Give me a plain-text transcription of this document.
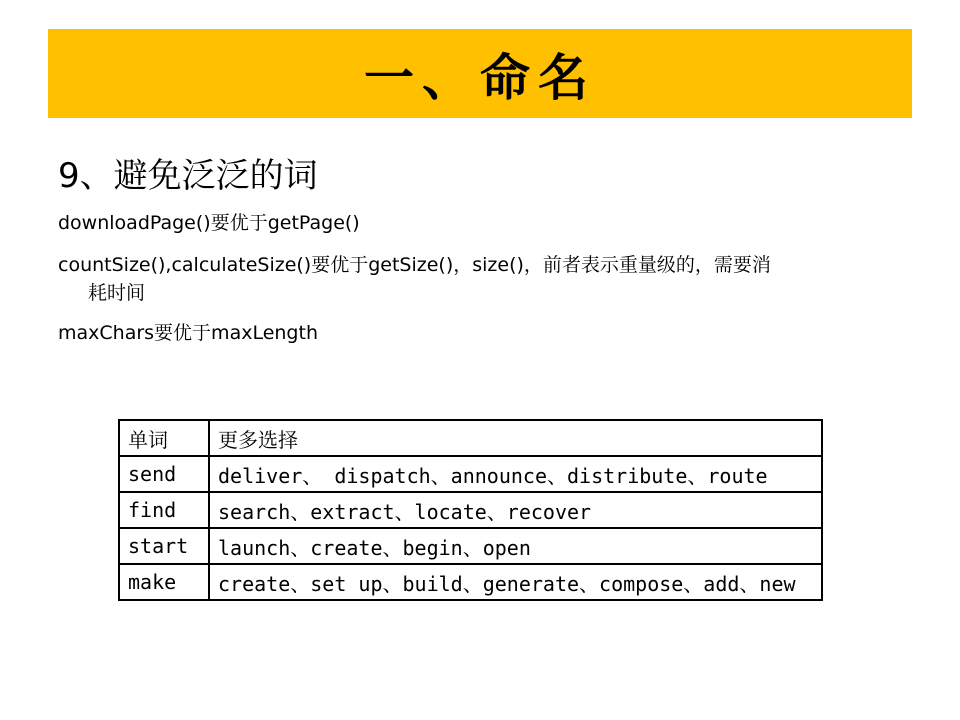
一、命名
9、避免泛泛的词
downloadPage()要优于getPage()
countSize(),calculateSize()要优于getSize()，size()，前者表示重量级的，需要消
耗时间
maxChars要优于maxLength
单词	更多选择
send	deliver、 dispatch、announce、distribute、route
find	search、extract、locate、recover
start	launch、create、begin、open
make	create、set up、build、generate、compose、add、new
